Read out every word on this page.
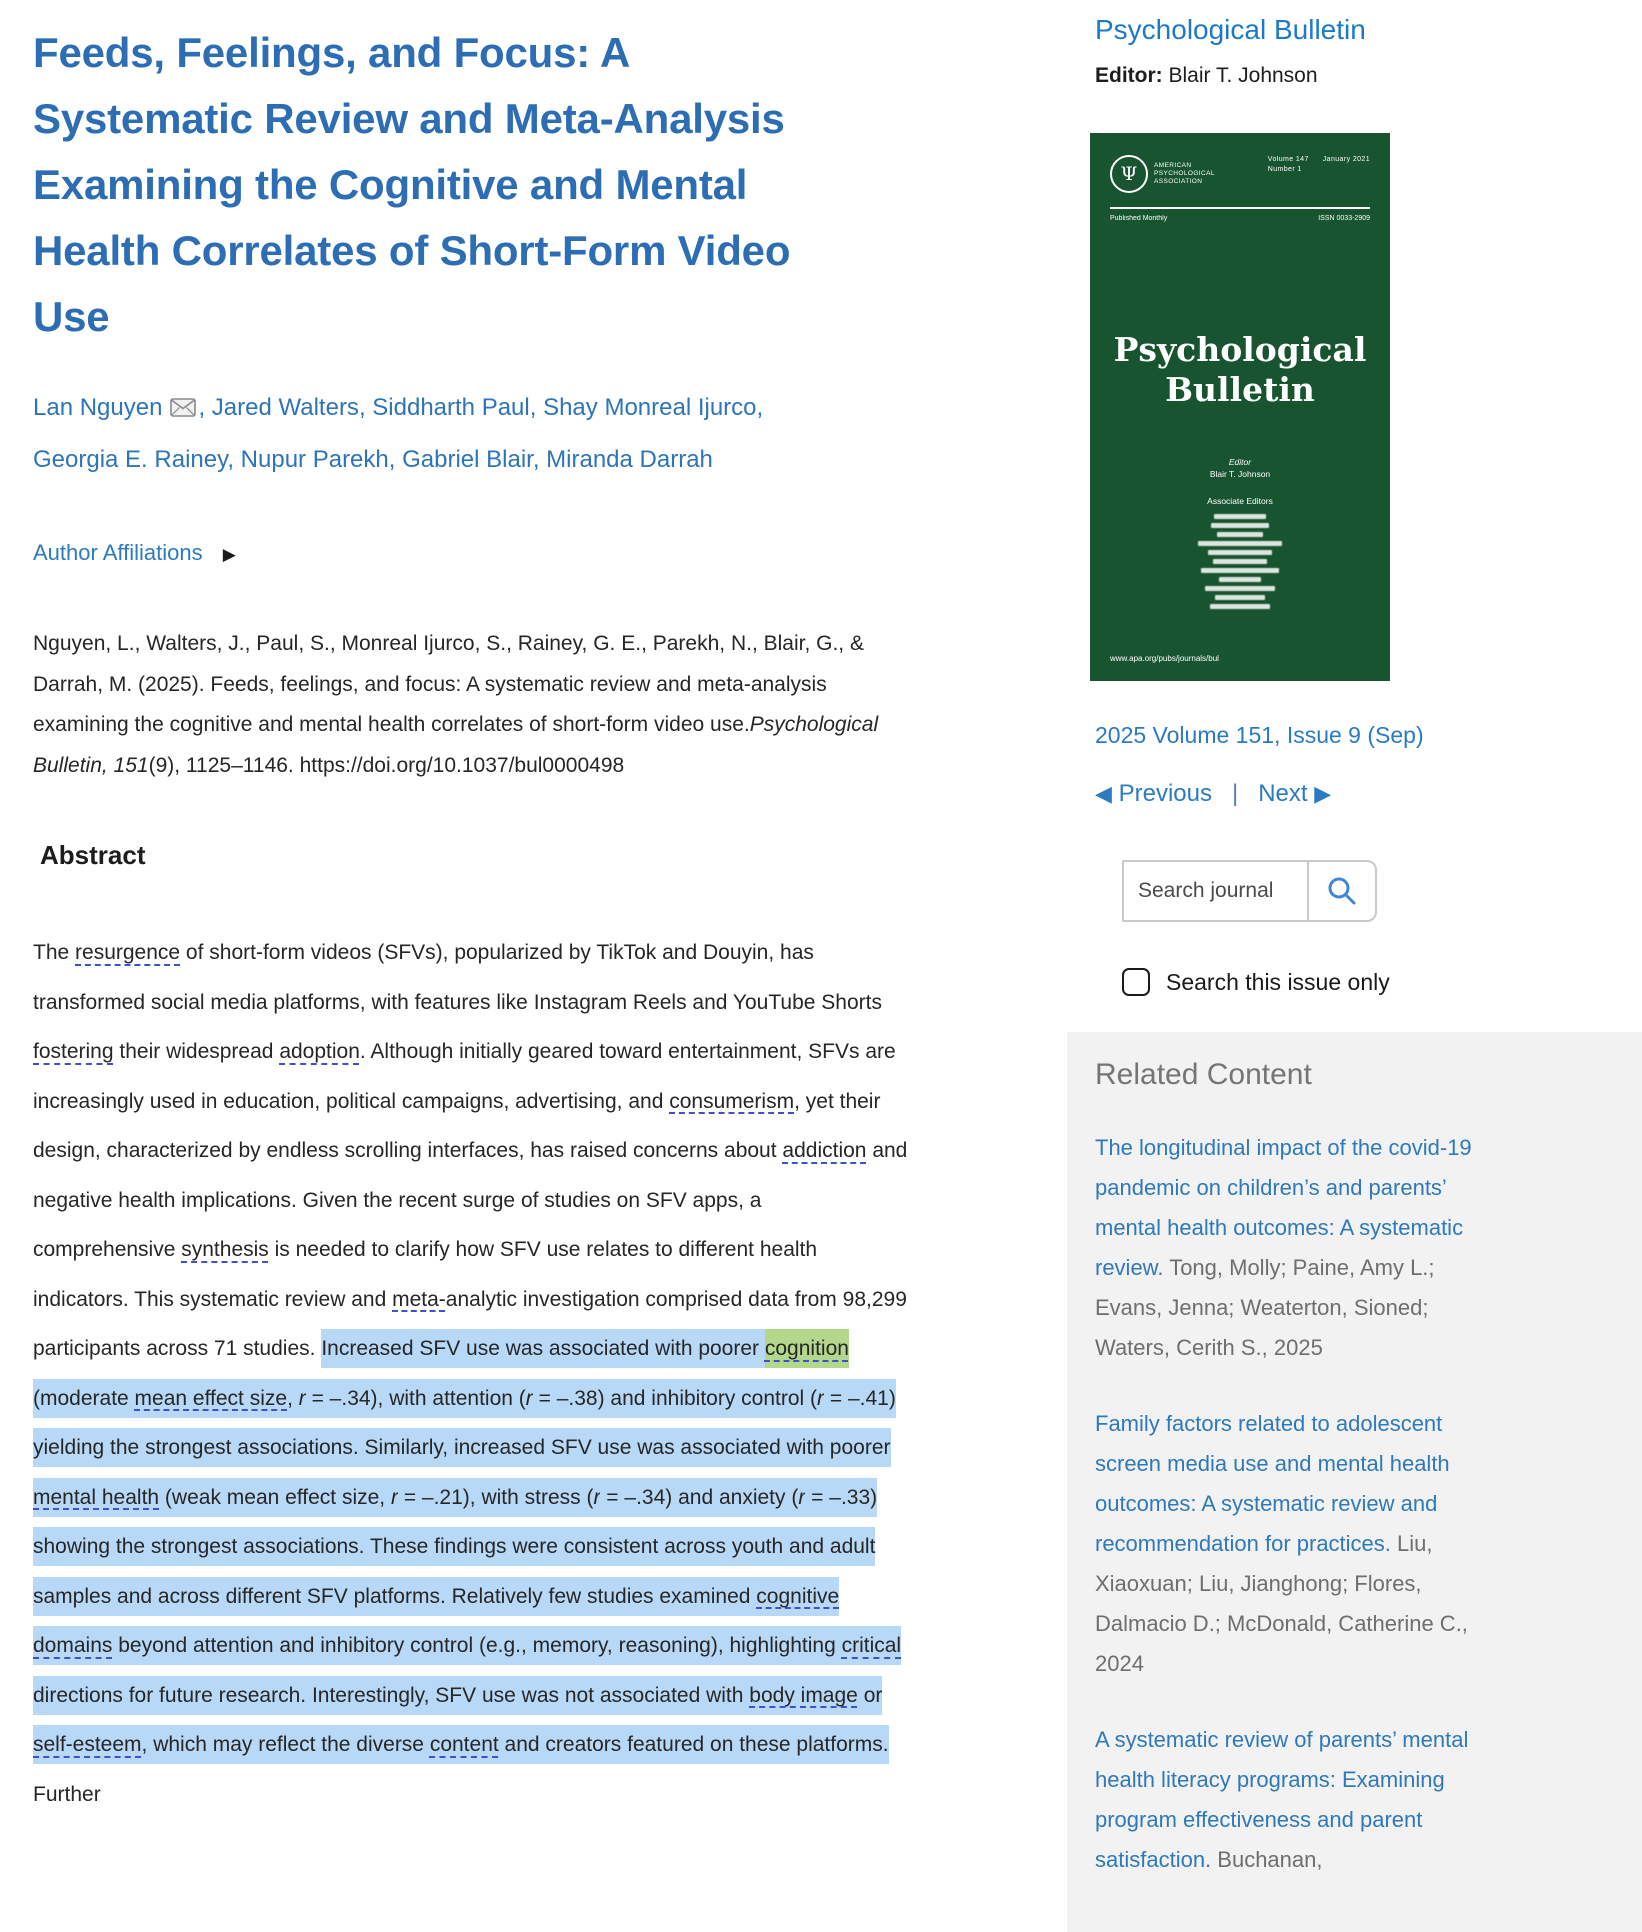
Feeds, Feelings, and Focus: A Systematic Review and Meta-Analysis Examining the Cognitive and Mental Health Correlates of Short-Form Video Use
Lan Nguyen , Jared Walters, Siddharth Paul, Shay Monreal Ijurco, Georgia E. Rainey, Nupur Parekh, Gabriel Blair, Miranda Darrah
Author Affiliations ▶
Nguyen, L., Walters, J., Paul, S., Monreal Ijurco, S., Rainey, G. E., Parekh, N., Blair, G., & Darrah, M. (2025). Feeds, feelings, and focus: A systematic review and meta-analysis examining the cognitive and mental health correlates of short-form video use.Psychological Bulletin, 151(9), 1125–1146. https://doi.org/10.1037/bul0000498
Abstract
The resurgence of short-form videos (SFVs), popularized by TikTok and Douyin, has transformed social media platforms, with features like Instagram Reels and YouTube Shorts fostering their widespread adoption. Although initially geared toward entertainment, SFVs are increasingly used in education, political campaigns, advertising, and consumerism, yet their design, characterized by endless scrolling interfaces, has raised concerns about addiction and negative health implications. Given the recent surge of studies on SFV apps, a comprehensive synthesis is needed to clarify how SFV use relates to different health indicators. This systematic review and meta-analytic investigation comprised data from 98,299 participants across 71 studies. Increased SFV use was associated with poorer cognition (moderate mean effect size, r = –.34), with attention (r = –.38) and inhibitory control (r = –.41) yielding the strongest associations. Similarly, increased SFV use was associated with poorer mental health (weak mean effect size, r = –.21), with stress (r = –.34) and anxiety (r = –.33) showing the strongest associations. These findings were consistent across youth and adult samples and across different SFV platforms. Relatively few studies examined cognitive domains beyond attention and inhibitory control (e.g., memory, reasoning), highlighting critical directions for future research. Interestingly, SFV use was not associated with body image or self-esteem, which may reflect the diverse content and creators featured on these platforms. Further
Psychological Bulletin
Editor: Blair T. Johnson
Ψ	AMERICAN
PSYCHOLOGICAL
ASSOCIATION
Volume 147
Number 1
January 2021
Published Monthly	ISSN 0033-2909
Psychological
Bulletin
Editor
Blair T. Johnson
Associate Editors
www.apa.org/pubs/journals/bul
2025 Volume 151, Issue 9 (Sep)
◀ Previous | Next ▶
Search journal
Search this issue only
Related Content
The longitudinal impact of the covid-19 pandemic on children’s and parents’ mental health outcomes: A systematic review. Tong, Molly; Paine, Amy L.; Evans, Jenna; Weaterton, Sioned; Waters, Cerith S., 2025
Family factors related to adolescent screen media use and mental health outcomes: A systematic review and recommendation for practices. Liu, Xiaoxuan; Liu, Jianghong; Flores, Dalmacio D.; McDonald, Catherine C., 2024
A systematic review of parents’ mental health literacy programs: Examining program effectiveness and parent satisfaction. Buchanan,
